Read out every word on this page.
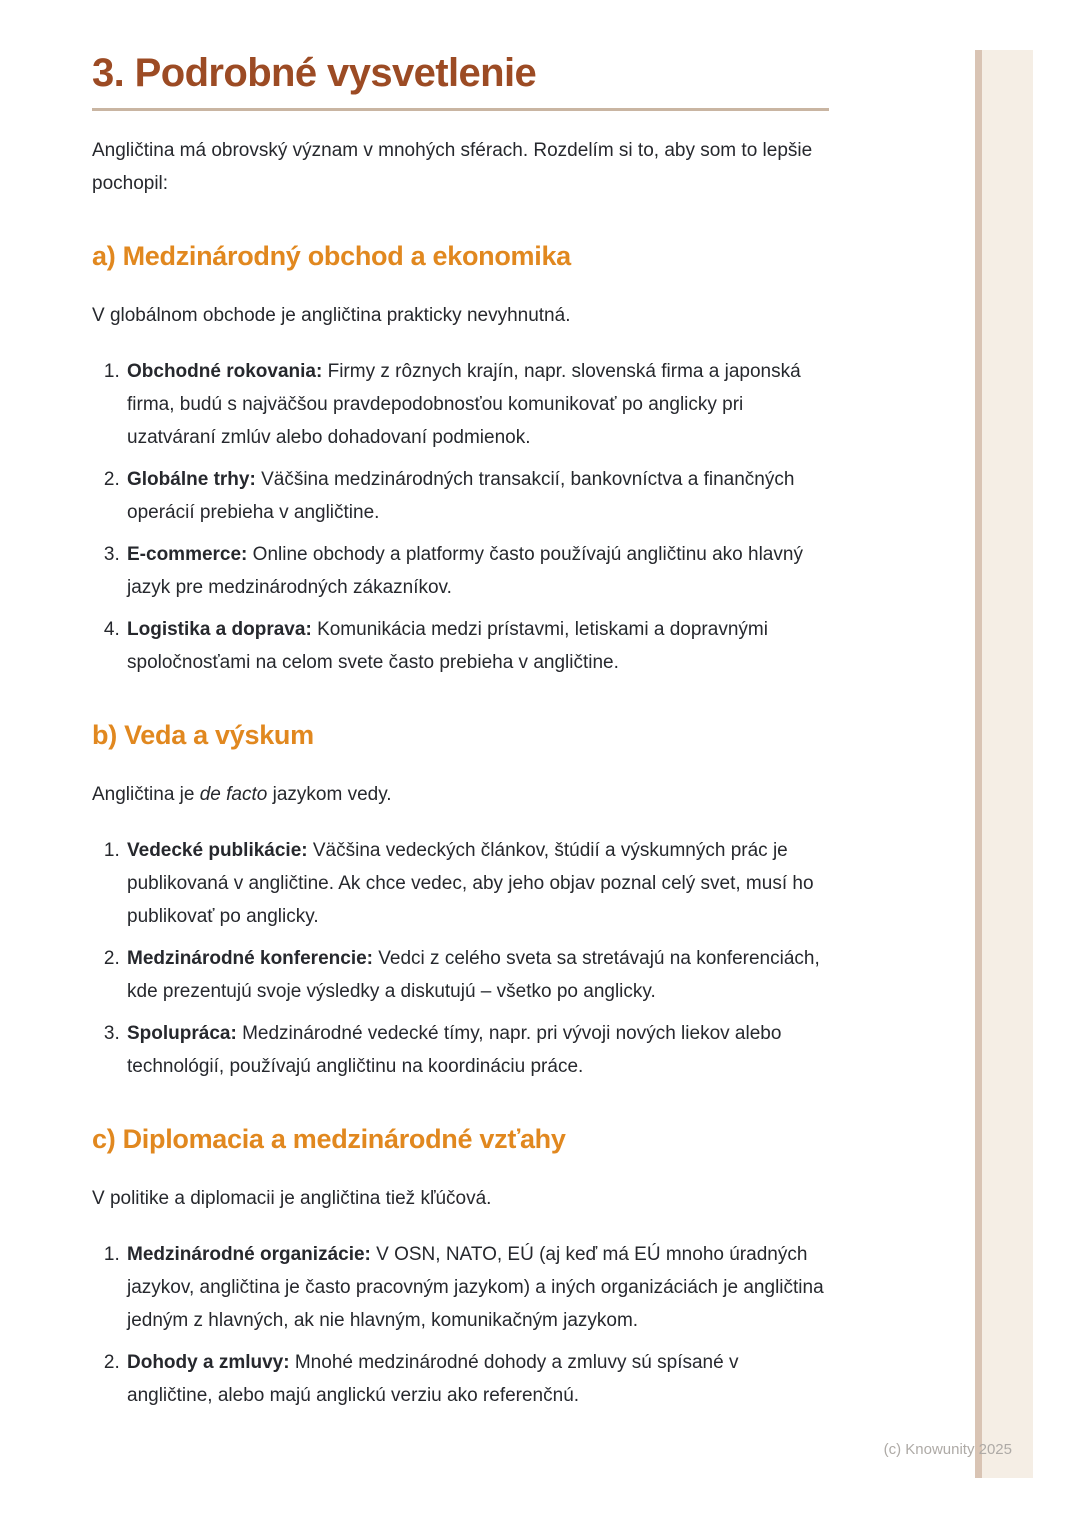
3. Podrobné vysvetlenie

Angličtina má obrovský význam v mnohých sférach. Rozdelím si to, aby som to lepšie pochopil:

a) Medzinárodný obchod a ekonomika

V globálnom obchode je angličtina prakticky nevyhnutná.

1. Obchodné rokovania: Firmy z rôznych krajín, napr. slovenská firma a japonská firma, budú s najväčšou pravdepodobnosťou komunikovať po anglicky pri uzatváraní zmlúv alebo dohadovaní podmienok.
2. Globálne trhy: Väčšina medzinárodných transakcií, bankovníctva a finančných operácií prebieha v angličtine.
3. E-commerce: Online obchody a platformy často používajú angličtinu ako hlavný jazyk pre medzinárodných zákazníkov.
4. Logistika a doprava: Komunikácia medzi prístavmi, letiskami a dopravnými spoločnosťami na celom svete často prebieha v angličtine.
b) Veda a výskum

Angličtina je de facto jazykom vedy.

1. Vedecké publikácie: Väčšina vedeckých článkov, štúdií a výskumných prác je publikovaná v angličtine. Ak chce vedec, aby jeho objav poznal celý svet, musí ho publikovať po anglicky.
2. Medzinárodné konferencie: Vedci z celého sveta sa stretávajú na konferenciách, kde prezentujú svoje výsledky a diskutujú – všetko po anglicky.
3. Spolupráca: Medzinárodné vedecké tímy, napr. pri vývoji nových liekov alebo technológií, používajú angličtinu na koordináciu práce.
c) Diplomacia a medzinárodné vzťahy

V politike a diplomacii je angličtina tiež kľúčová.

1. Medzinárodné organizácie: V OSN, NATO, EÚ (aj keď má EÚ mnoho úradných jazykov, angličtina je často pracovným jazykom) a iných organizáciách je angličtina jedným z hlavných, ak nie hlavným, komunikačným jazykom.
2. Dohody a zmluvy: Mnohé medzinárodné dohody a zmluvy sú spísané v angličtine, alebo majú anglickú verziu ako referenčnú.
(c) Knowunity 2025
